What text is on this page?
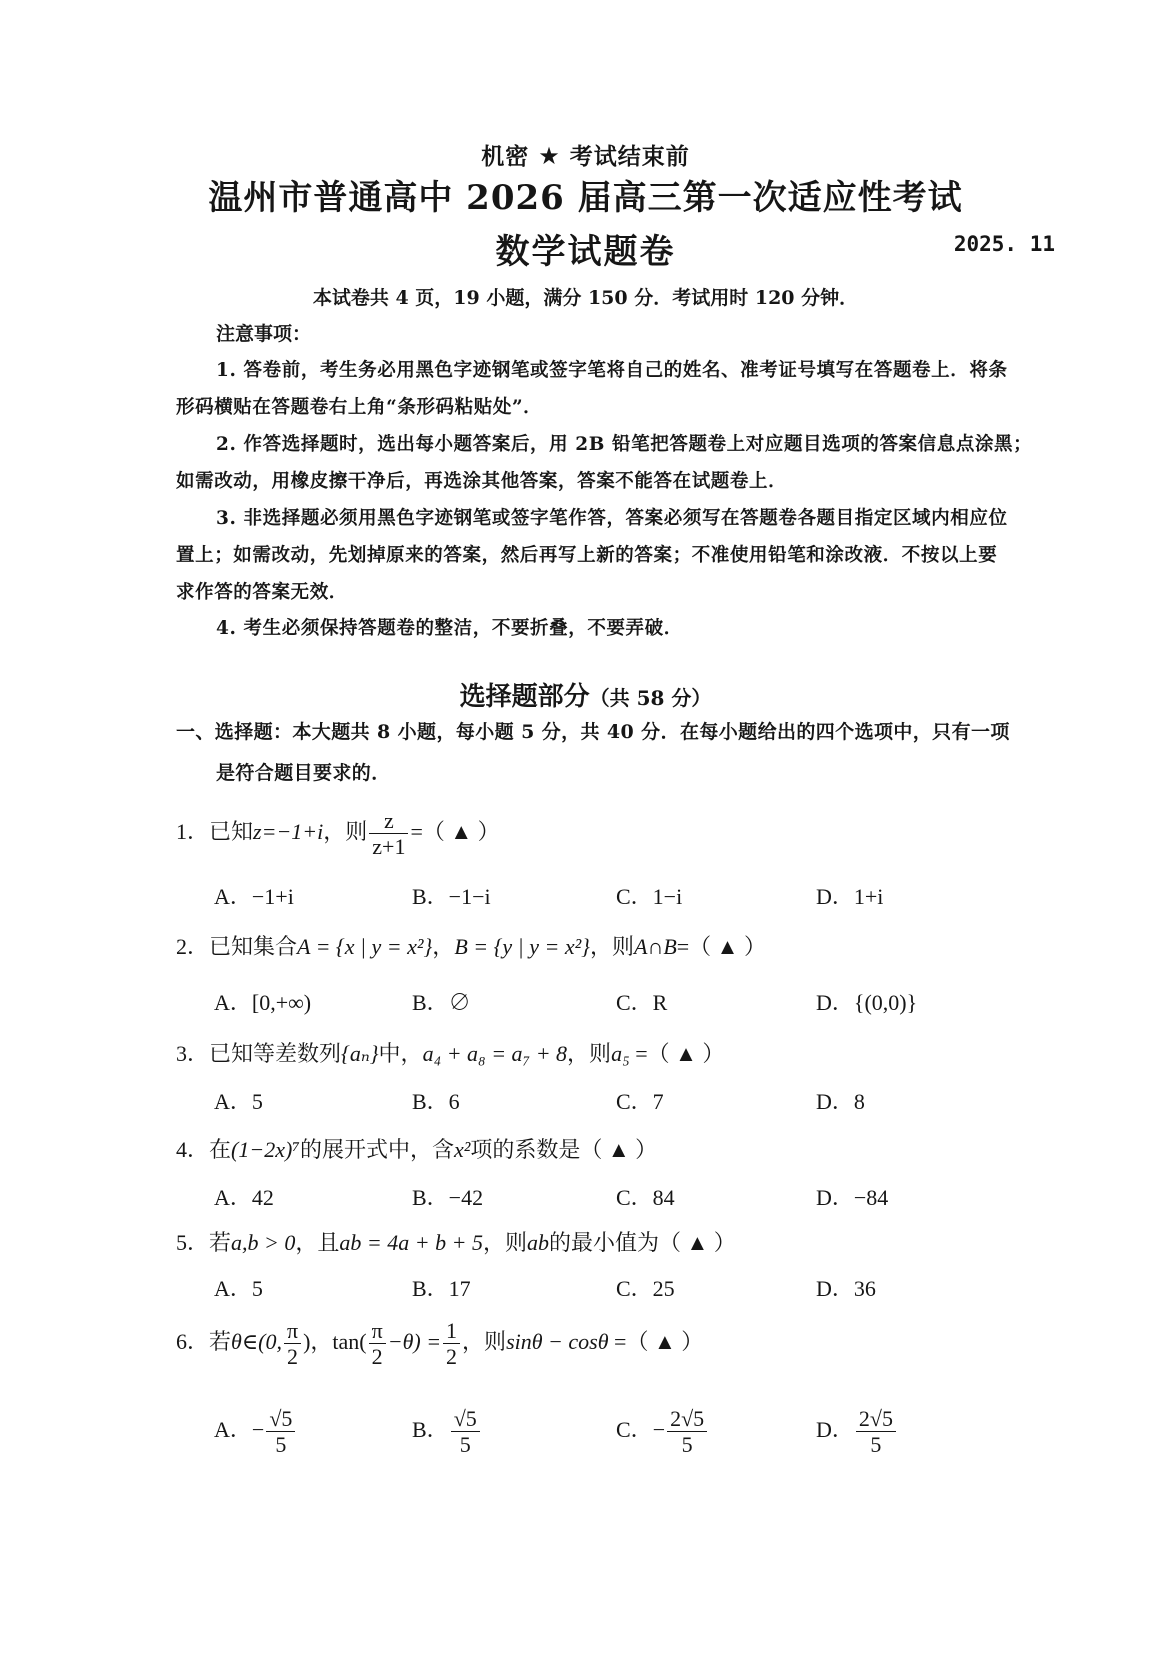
机密 ★ 考试结束前
温州市普通高中 2026 届高三第一次适应性考试
数学试题卷	2025. 11
本试卷共 4 页，19 小题，满分 150 分．考试用时 120 分钟．
注意事项：
1. 答卷前，考生务必用黑色字迹钢笔或签字笔将自己的姓名、准考证号填写在答题卷上．将条
形码横贴在答题卷右上角“条形码粘贴处”．
2. 作答选择题时，选出每小题答案后，用 2B 铅笔把答题卷上对应题目选项的答案信息点涂黑；
如需改动，用橡皮擦干净后，再选涂其他答案，答案不能答在试题卷上．
3. 非选择题必须用黑色字迹钢笔或签字笔作答，答案必须写在答题卷各题目指定区域内相应位
置上；如需改动，先划掉原来的答案，然后再写上新的答案；不准使用铅笔和涂改液．不按以上要
求作答的答案无效．
4. 考生必须保持答题卷的整洁，不要折叠，不要弄破．
选择题部分（共 58 分）
一、选择题：本大题共 8 小题，每小题 5 分，共 40 分．在每小题给出的四个选项中，只有一项
是符合题目要求的．
1．已知z=−1+i，则 $\frac{z}{z+1}$ =（ ▲ ）
A．−1+i	B．−1−i	C．1−i	D．1+i
2．已知集合A = {x | y = x²}，B = {y | y = x²}，则A∩B=（ ▲ ）
A．[0,+∞)	B．∅	C．R	D．{(0,0)}
3．已知等差数列{aₙ}中，a₄ + a₈ = a₇ + 8，则a₅ =（ ▲ ）
A．5	B．6	C．7	D．8
4．在(1−2x)⁷的展开式中，含x²项的系数是（ ▲ ）
A．42	B．−42	C．84	D．−84
5．若a,b > 0，且ab = 4a + b + 5，则ab的最小值为（ ▲ ）
A．5	B．17	C．25	D．36
6．若θ∈(0, $\frac{\pi}{2}$ )，$\tan( \frac{\pi}{2} -\theta) = \frac{1}{2}$ ，则sinθ − cosθ =（ ▲ ）
A．− $\frac{√5}{5}$	B． $\frac{√5}{5}$	C．− $\frac{2√5}{5}$	D． $\frac{2√5}{5}$
